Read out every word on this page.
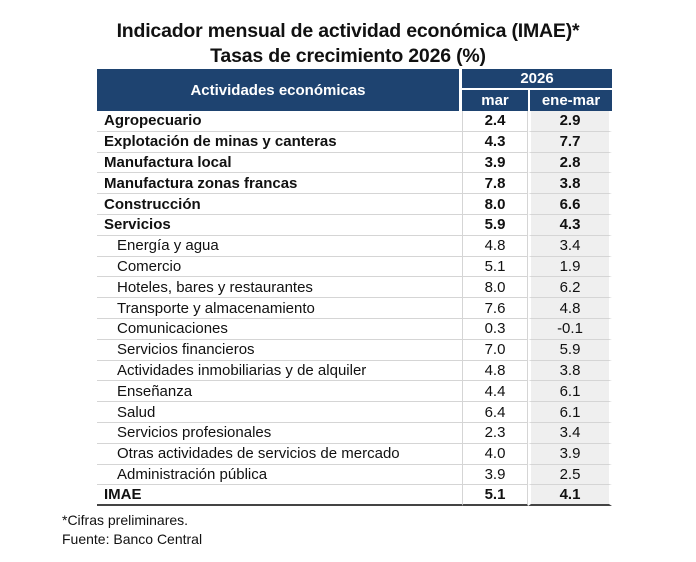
Indicador mensual de actividad económica (IMAE)*
Tasas de crecimiento 2026 (%)
Actividades económicas	2026	
	mar	ene-mar
Agropecuario	2.4	2.9
Explotación de minas y canteras	4.3	7.7
Manufactura local	3.9	2.8
Manufactura zonas francas	7.8	3.8
Construcción	8.0	6.6
Servicios	5.9	4.3
Energía y agua	4.8	3.4
Comercio	5.1	1.9
Hoteles, bares y restaurantes	8.0	6.2
Transporte y almacenamiento	7.6	4.8
Comunicaciones	0.3	-0.1
Servicios financieros	7.0	5.9
Actividades inmobiliarias y de alquiler	4.8	3.8
Enseñanza	4.4	6.1
Salud	6.4	6.1
Servicios profesionales	2.3	3.4
Otras actividades de servicios de mercado	4.0	3.9
Administración pública	3.9	2.5
IMAE	5.1	4.1
*Cifras preliminares.
Fuente: Banco Central
